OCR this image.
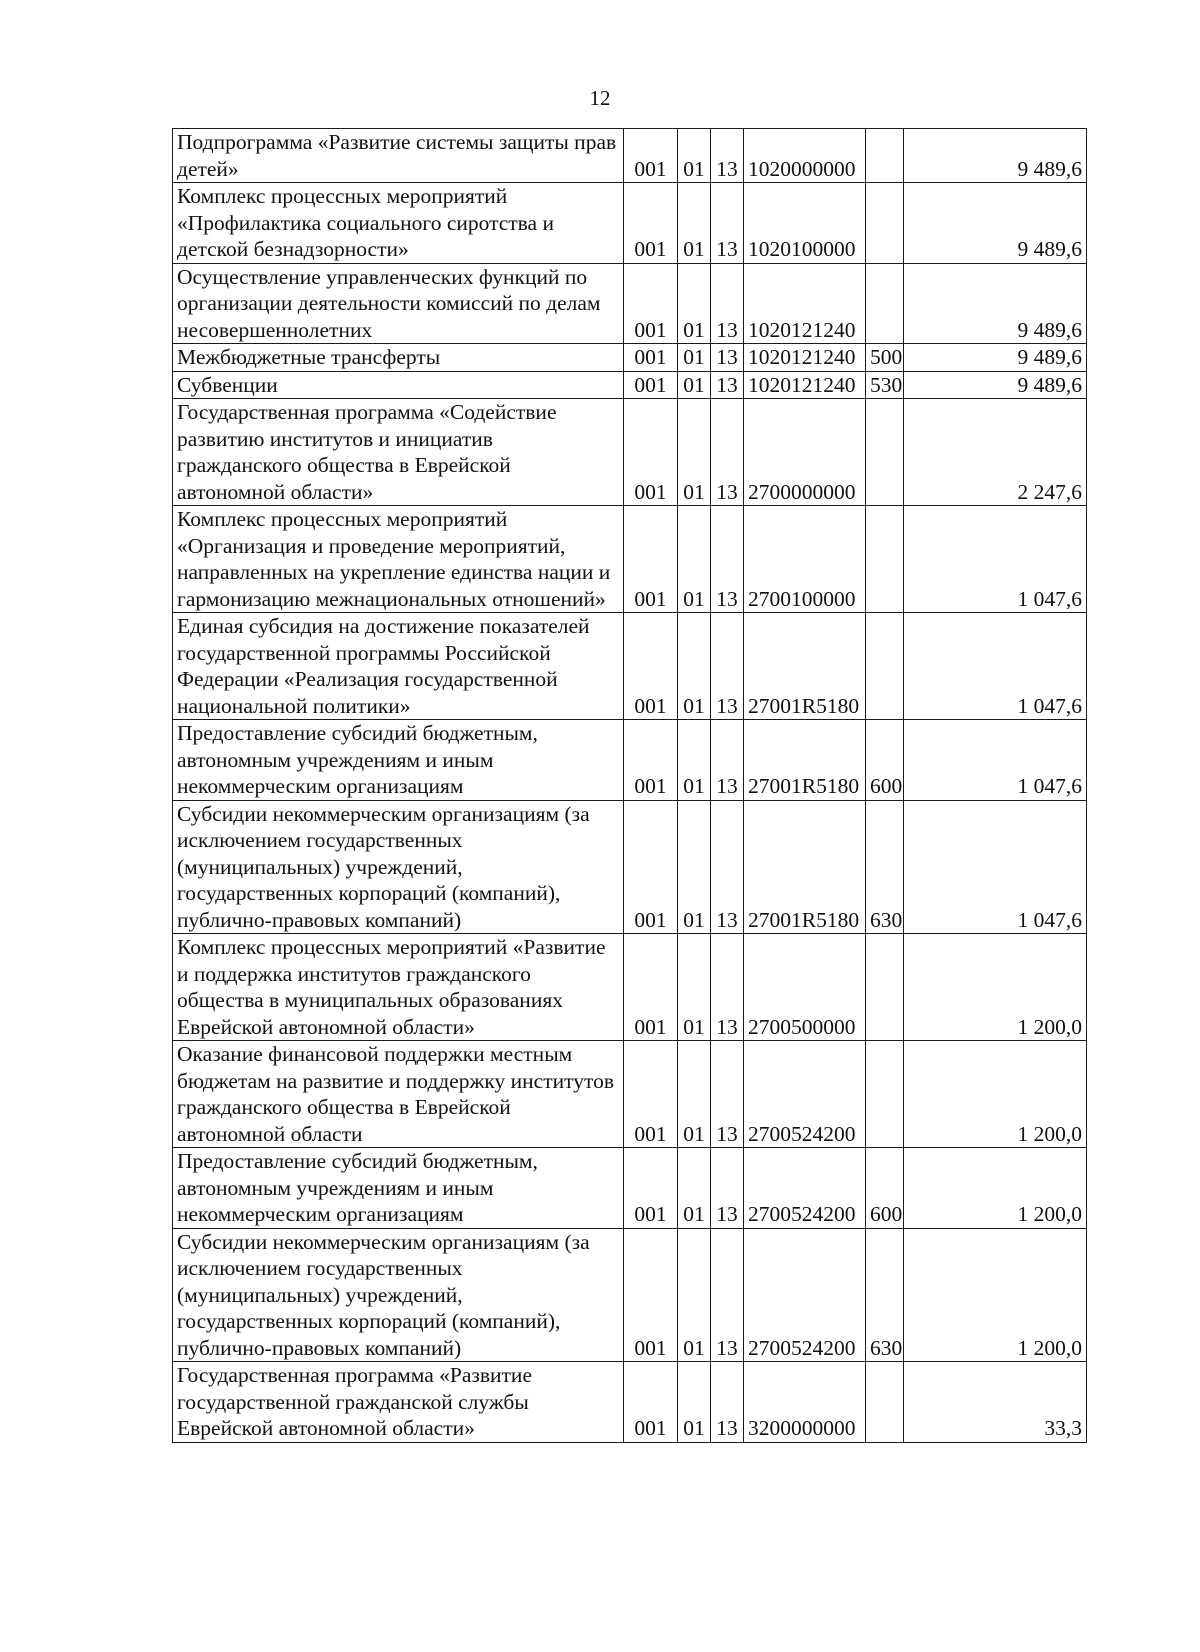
12
Подпрограмма «Развитие системы защиты прав детей»	001	01	13	1020000000		9 489,6
Комплекс процессных мероприятий «Профилактика социального сиротства и детской безнадзорности»	001	01	13	1020100000		9 489,6
Осуществление управленческих функций по организации деятельности комиссий по делам несовершеннолетних	001	01	13	1020121240		9 489,6
Межбюджетные трансферты	001	01	13	1020121240	500	9 489,6
Субвенции	001	01	13	1020121240	530	9 489,6
Государственная программа «Содействие развитию институтов и инициатив гражданского общества в Еврейской автономной области»	001	01	13	2700000000		2 247,6
Комплекс процессных мероприятий «Организация и проведение мероприятий, направленных на укрепление единства нации и гармонизацию межнациональных отношений»	001	01	13	2700100000		1 047,6
Единая субсидия на достижение показателей государственной программы Российской Федерации «Реализация государственной национальной политики»	001	01	13	27001R5180		1 047,6
Предоставление субсидий бюджетным, автономным учреждениям и иным некоммерческим организациям	001	01	13	27001R5180	600	1 047,6
Субсидии некоммерческим организациям (за исключением государственных (муниципальных) учреждений, государственных корпораций (компаний), публично-правовых компаний)	001	01	13	27001R5180	630	1 047,6
Комплекс процессных мероприятий «Развитие и поддержка институтов гражданского общества в муниципальных образованиях Еврейской автономной области»	001	01	13	2700500000		1 200,0
Оказание финансовой поддержки местным бюджетам на развитие и поддержку институтов гражданского общества в Еврейской автономной области	001	01	13	2700524200		1 200,0
Предоставление субсидий бюджетным, автономным учреждениям и иным некоммерческим организациям	001	01	13	2700524200	600	1 200,0
Субсидии некоммерческим организациям (за исключением государственных (муниципальных) учреждений, государственных корпораций (компаний), публично-правовых компаний)	001	01	13	2700524200	630	1 200,0
Государственная программа «Развитие государственной гражданской службы Еврейской автономной области»	001	01	13	3200000000		33,3
